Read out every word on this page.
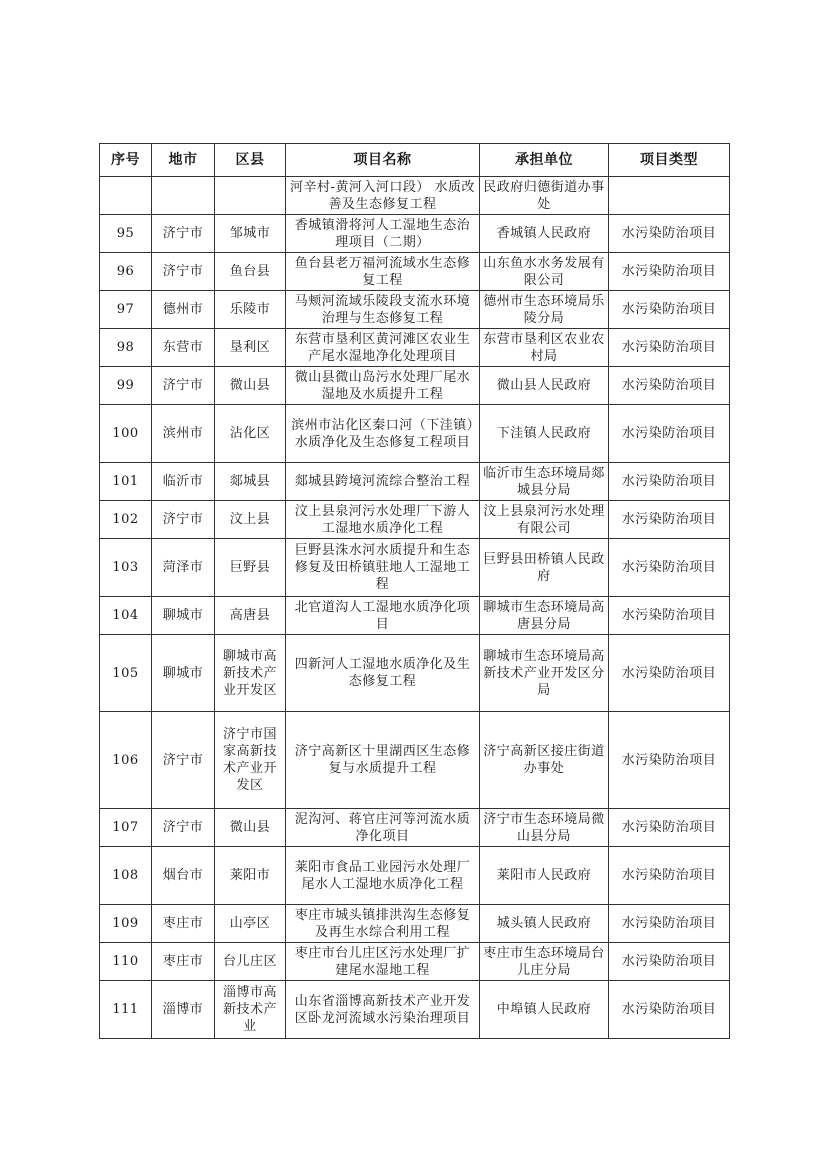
序号	地市	区县	项目名称	承担单位	项目类型
			河辛村-黄河入河口段） 水质改善及生态修复工程	民政府归德街道办事处	
95	济宁市	邹城市	香城镇滑将河人工湿地生态治理项目（二期）	香城镇人民政府	水污染防治项目
96	济宁市	鱼台县	鱼台县老万福河流域水生态修复工程	山东鱼水水务发展有限公司	水污染防治项目
97	德州市	乐陵市	马颊河流域乐陵段支流水环境治理与生态修复工程	德州市生态环境局乐陵分局	水污染防治项目
98	东营市	垦利区	东营市垦利区黄河滩区农业生产尾水湿地净化处理项目	东营市垦利区农业农村局	水污染防治项目
99	济宁市	微山县	微山县微山岛污水处理厂尾水湿地及水质提升工程	微山县人民政府	水污染防治项目
100	滨州市	沾化区	滨州市沾化区秦口河（下洼镇）水质净化及生态修复工程项目	下洼镇人民政府	水污染防治项目
101	临沂市	郯城县	郯城县跨境河流综合整治工程	临沂市生态环境局郯城县分局	水污染防治项目
102	济宁市	汶上县	汶上县泉河污水处理厂下游人工湿地水质净化工程	汶上县泉河污水处理有限公司	水污染防治项目
103	菏泽市	巨野县	巨野县洙水河水质提升和生态修复及田桥镇驻地人工湿地工程	巨野县田桥镇人民政府	水污染防治项目
104	聊城市	高唐县	北官道沟人工湿地水质净化项目	聊城市生态环境局高唐县分局	水污染防治项目
105	聊城市	聊城市高新技术产业开发区	四新河人工湿地水质净化及生态修复工程	聊城市生态环境局高新技术产业开发区分局	水污染防治项目
106	济宁市	济宁市国家高新技术产业开发区	济宁高新区十里湖西区生态修复与水质提升工程	济宁高新区接庄街道办事处	水污染防治项目
107	济宁市	微山县	泥沟河、蒋官庄河等河流水质净化项目	济宁市生态环境局微山县分局	水污染防治项目
108	烟台市	莱阳市	莱阳市食品工业园污水处理厂尾水人工湿地水质净化工程	莱阳市人民政府	水污染防治项目
109	枣庄市	山亭区	枣庄市城头镇排洪沟生态修复 及再生水综合利用工程	城头镇人民政府	水污染防治项目
110	枣庄市	台儿庄区	枣庄市台儿庄区污水处理厂扩建尾水湿地工程	枣庄市生态环境局台儿庄分局	水污染防治项目
111	淄博市	淄博市高新技术产业	山东省淄博高新技术产业开发区卧龙河流域水污染治理项目	中埠镇人民政府	水污染防治项目
